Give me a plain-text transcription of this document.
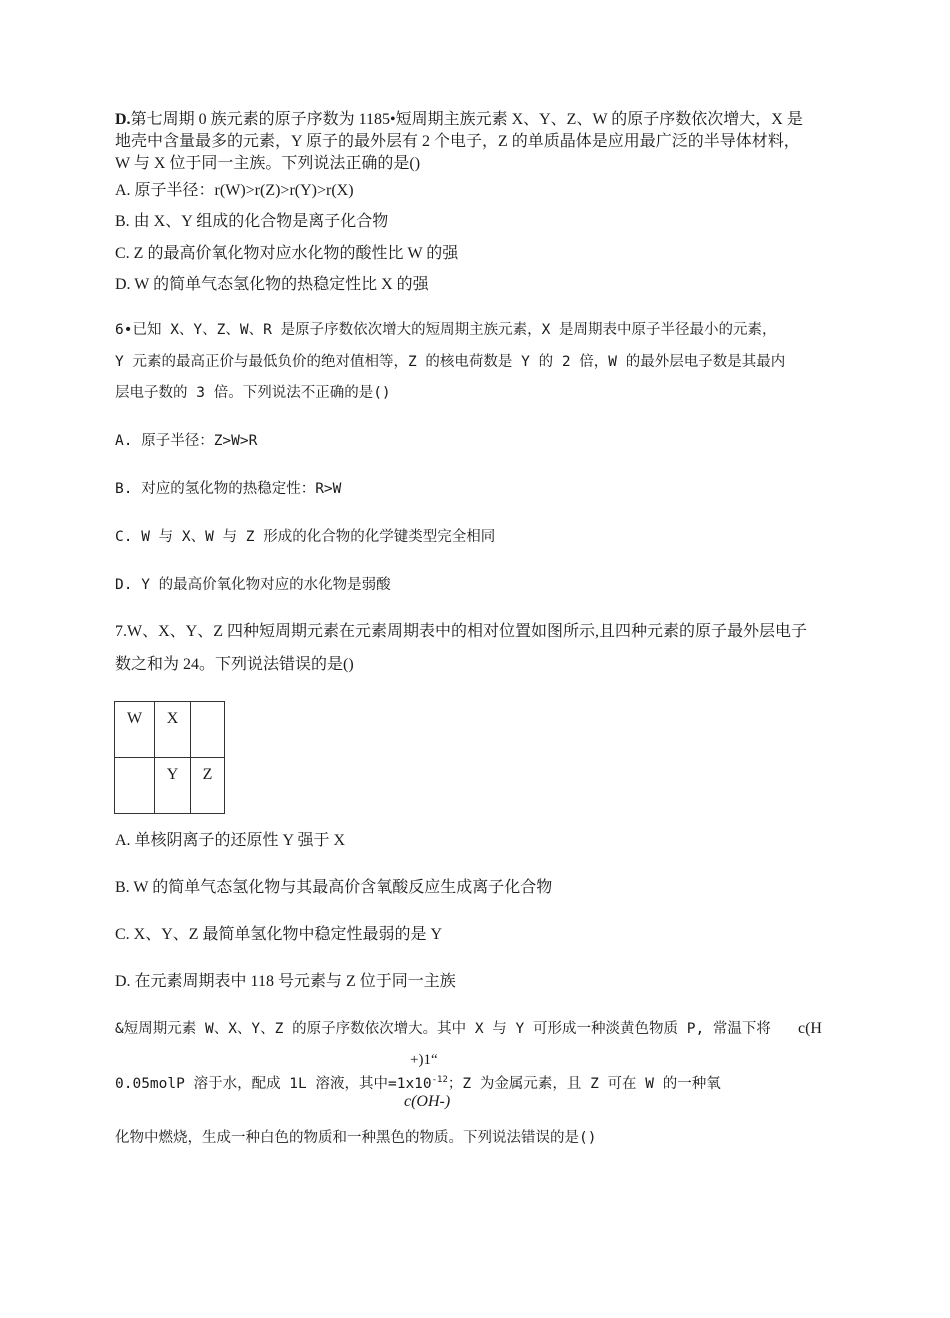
D.第七周期 0 族元素的原子序数为 1185•短周期主族元素 X、Y、Z、W 的原子序数依次增大，X 是
地壳中含量最多的元素，Y 原子的最外层有 2 个电子，Z 的单质晶体是应用最广泛的半导体材料，
W 与 X 位于同一主族。下列说法正确的是()
A. 原子半径：r(W)>r(Z)>r(Y)>r(X)
B. 由 X、Y 组成的化合物是离子化合物
C. Z 的最高价氧化物对应水化物的酸性比 W 的强
D. W 的简单气态氢化物的热稳定性比 X 的强
6•已知 X、Y、Z、W、R 是原子序数依次增大的短周期主族元素，X 是周期表中原子半径最小的元素，
Y 元素的最高正价与最低负价的绝对值相等，Z 的核电荷数是 Y 的 2 倍，W 的最外层电子数是其最内
层电子数的 3 倍。下列说法不正确的是()
A. 原子半径：Z>W>R
B. 对应的氢化物的热稳定性：R>W
C. W 与 X、W 与 Z 形成的化合物的化学键类型完全相同
D. Y 的最高价氧化物对应的水化物是弱酸
7.W、X、Y、Z 四种短周期元素在元素周期表中的相对位置如图所示,且四种元素的原子最外层电子
数之和为 24。下列说法错误的是()
W	X	
	Y	Z
A. 单核阴离子的还原性 Y 强于 X
B. W 的简单气态氢化物与其最高价含氧酸反应生成离子化合物
C. X、Y、Z 最简单氢化物中稳定性最弱的是 Y
D. 在元素周期表中 118 号元素与 Z 位于同一主族
&短周期元素 W、X、Y、Z 的原子序数依次增大。其中 X 与 Y 可形成一种淡黄色物质 P, 常温下将 c(H
+)1“
0.05molP 溶于水，配成 1L 溶液，其中$=1x10^{-12}$；Z 为金属元素，且 Z 可在 W 的一种氧
c(OH-)
化物中燃烧，生成一种白色的物质和一种黑色的物质。下列说法错误的是()
